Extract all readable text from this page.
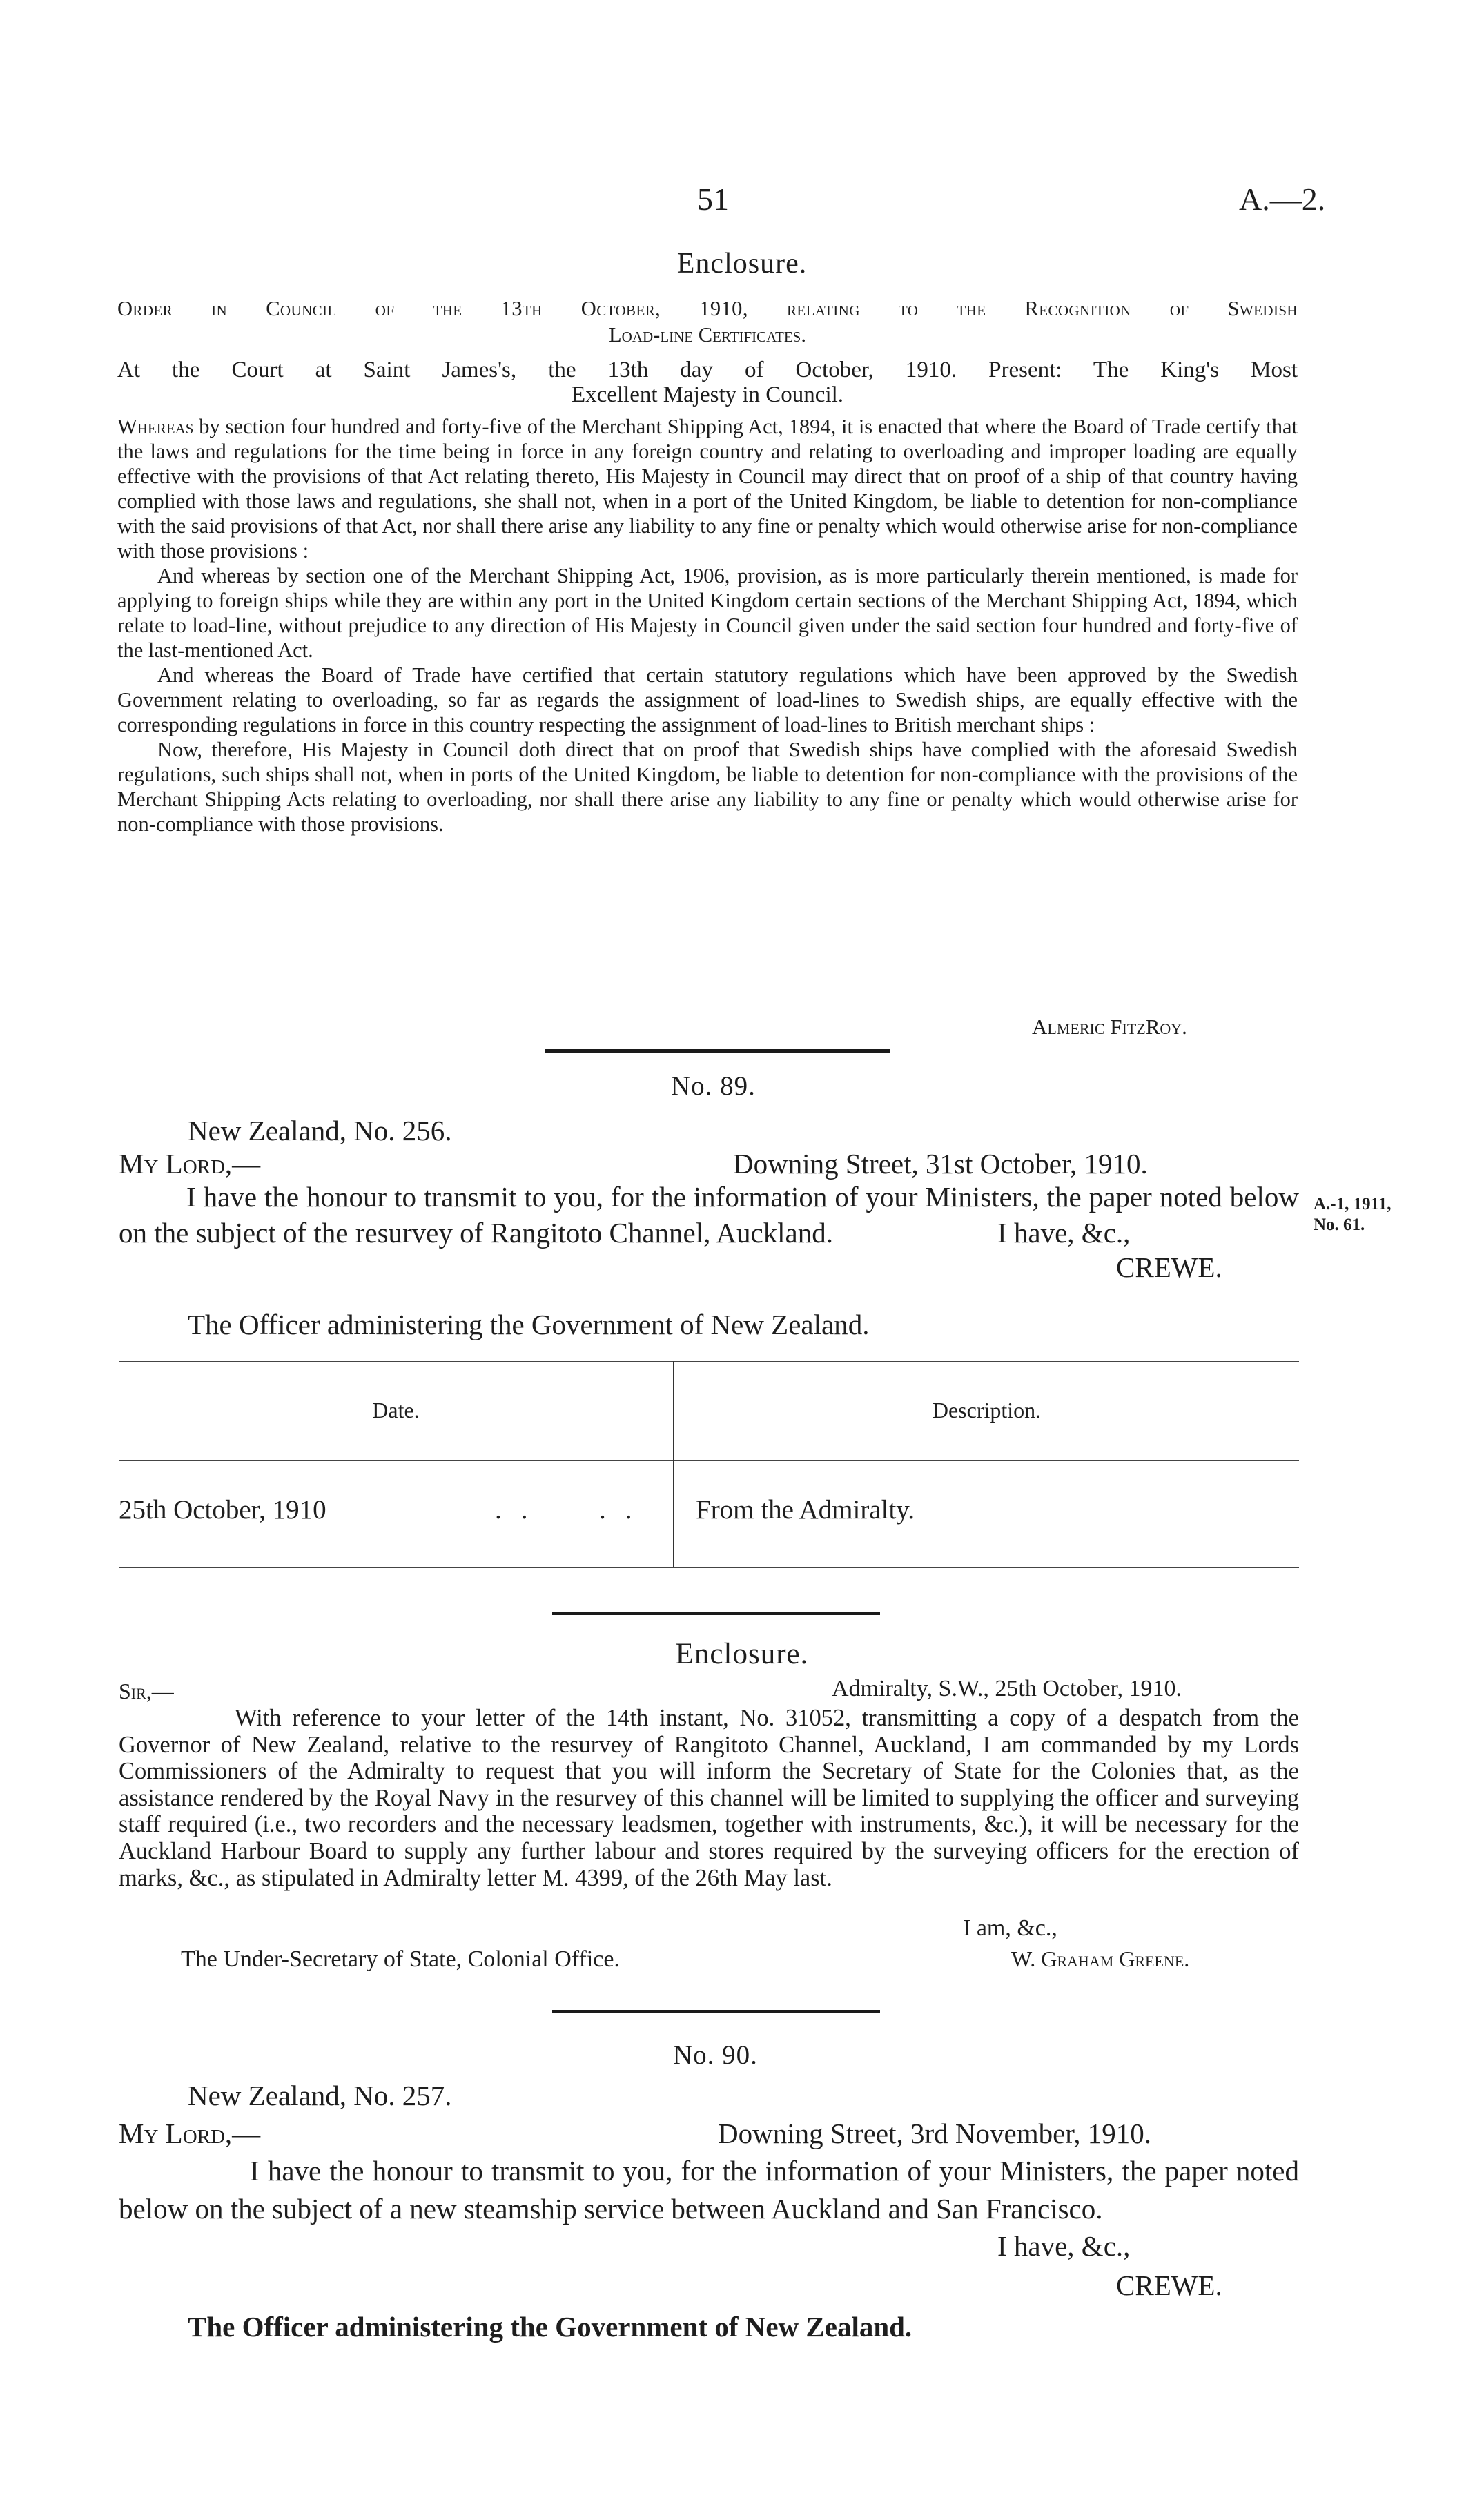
51	A.—2.
Enclosure.
Order in Council of the 13th October, 1910, relating to the Recognition of Swedish
Load-line Certificates.
At the Court at Saint James's, the 13th day of October, 1910. Present: The King's Most
Excellent Majesty in Council.

Whereas by section four hundred and forty-five of the Merchant Shipping Act, 1894, it is enacted that where the Board of Trade certify that the laws and regulations for the time being in force in any foreign country and relating to overloading and improper loading are equally effective with the provisions of that Act relating thereto, His Majesty in Council may direct that on proof of a ship of that country having complied with those laws and regulations, she shall not, when in a port of the United Kingdom, be liable to detention for non-compliance with the said provisions of that Act, nor shall there arise any liability to any fine or penalty which would otherwise arise for non-compliance with those provisions :

And whereas by section one of the Merchant Shipping Act, 1906, provision, as is more particularly therein mentioned, is made for applying to foreign ships while they are within any port in the United Kingdom certain sections of the Merchant Shipping Act, 1894, which relate to load-line, without prejudice to any direction of His Majesty in Council given under the said section four hundred and forty-five of the last-mentioned Act.

And whereas the Board of Trade have certified that certain statutory regulations which have been approved by the Swedish Government relating to overloading, so far as regards the assignment of load-lines to Swedish ships, are equally effective with the corresponding regulations in force in this country respecting the assignment of load-lines to British merchant ships :

Now, therefore, His Majesty in Council doth direct that on proof that Swedish ships have complied with the aforesaid Swedish regulations, such ships shall not, when in ports of the United Kingdom, be liable to detention for non-compliance with the provisions of the Merchant Shipping Acts relating to overloading, nor shall there arise any liability to any fine or penalty which would otherwise arise for non-compliance with those provisions.

Almeric FitzRoy.
No. 89.
New Zealand, No. 256.
My Lord,—	Downing Street, 31st October, 1910.
I have the honour to transmit to you, for the information of your Ministers, the paper noted below on the subject of the resurvey of Rangitoto Channel, Auckland.	I have, &c.,
CREWE.
A.-1, 1911,
No. 61.
The Officer administering the Government of New Zealand.
Date.	Description.
25th October, 1910	..  .. From the Admiralty.
Enclosure.
Sir,—	Admiralty, S.W., 25th October, 1910.
With reference to your letter of the 14th instant, No. 31052, transmitting a copy of a despatch from the Governor of New Zealand, relative to the resurvey of Rangitoto Channel, Auckland, I am commanded by my Lords Commissioners of the Admiralty to request that you will inform the Secretary of State for the Colonies that, as the assistance rendered by the Royal Navy in the resurvey of this channel will be limited to supplying the officer and surveying staff required (i.e., two recorders and the necessary leadsmen, together with instruments, &c.), it will be necessary for the Auckland Harbour Board to supply any further labour and stores required by the surveying officers for the erection of marks, &c., as stipulated in Admiralty letter M. 4399, of the 26th May last.
I am, &c.,
The Under-Secretary of State, Colonial Office.	W. Graham Greene.
No. 90.
New Zealand, No. 257.
My Lord,—	Downing Street, 3rd November, 1910.
I have the honour to transmit to you, for the information of your Ministers, the paper noted below on the subject of a new steamship service between Auckland and San Francisco.
I have, &c.,
CREWE.
The Officer administering the Government of New Zealand.
